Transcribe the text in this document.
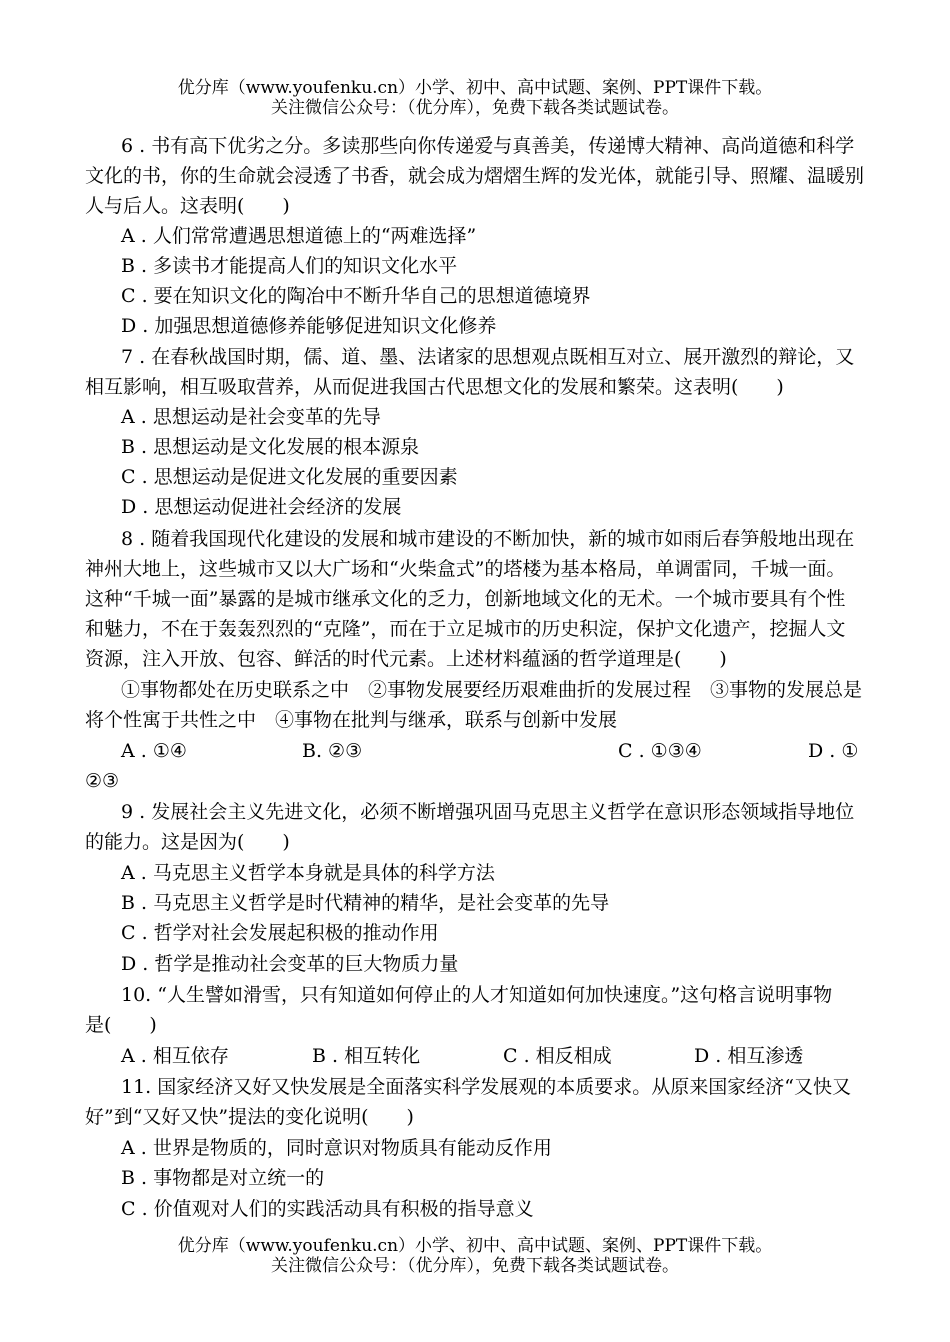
优分库（www.youfenku.cn）小学、初中、高中试题、案例、PPT课件下载。
关注微信公众号：（优分库），免费下载各类试题试卷。
6 . 书有高下优劣之分。多读那些向你传递爱与真善美，传递博大精神、高尚道德和科学
文化的书，你的生命就会浸透了书香，就会成为熠熠生辉的发光体，就能引导、照耀、温暖别
人与后人。这表明(　　)
A . 人们常常遭遇思想道德上的“两难选择”
B . 多读书才能提高人们的知识文化水平
C . 要在知识文化的陶冶中不断升华自己的思想道德境界
D . 加强思想道德修养能够促进知识文化修养
7 . 在春秋战国时期，儒、道、墨、法诸家的思想观点既相互对立、展开激烈的辩论，又
相互影响，相互吸取营养，从而促进我国古代思想文化的发展和繁荣。这表明(　　)
A . 思想运动是社会变革的先导
B . 思想运动是文化发展的根本源泉
C . 思想运动是促进文化发展的重要因素
D . 思想运动促进社会经济的发展
8 . 随着我国现代化建设的发展和城市建设的不断加快，新的城市如雨后春笋般地出现在
神州大地上，这些城市又以大广场和“火柴盒式”的塔楼为基本格局，单调雷同，千城一面。
这种“千城一面”暴露的是城市继承文化的乏力，创新地域文化的无术。一个城市要具有个性
和魅力，不在于轰轰烈烈的“克隆”，而在于立足城市的历史积淀，保护文化遗产，挖掘人文
资源，注入开放、包容、鲜活的时代元素。上述材料蕴涵的哲学道理是(　　)
①事物都处在历史联系之中　②事物发展要经历艰难曲折的发展过程　③事物的发展总是
将个性寓于共性之中　④事物在批判与继承，联系与创新中发展
A . ①④	B. ②③	C . ①③④	D . ①
②③
9 . 发展社会主义先进文化，必须不断增强巩固马克思主义哲学在意识形态领域指导地位
的能力。这是因为(　　)
A . 马克思主义哲学本身就是具体的科学方法
B . 马克思主义哲学是时代精神的精华，是社会变革的先导
C . 哲学对社会发展起积极的推动作用
D . 哲学是推动社会变革的巨大物质力量
10. “人生譬如滑雪，只有知道如何停止的人才知道如何加快速度。”这句格言说明事物
是(　　)
A . 相互依存	B . 相互转化	C . 相反相成	D . 相互渗透
11. 国家经济又好又快发展是全面落实科学发展观的本质要求。从原来国家经济“又快又
好”到“又好又快”提法的变化说明(　　)
A . 世界是物质的，同时意识对物质具有能动反作用
B . 事物都是对立统一的
C . 价值观对人们的实践活动具有积极的指导意义
优分库（www.youfenku.cn）小学、初中、高中试题、案例、PPT课件下载。
关注微信公众号：（优分库），免费下载各类试题试卷。
